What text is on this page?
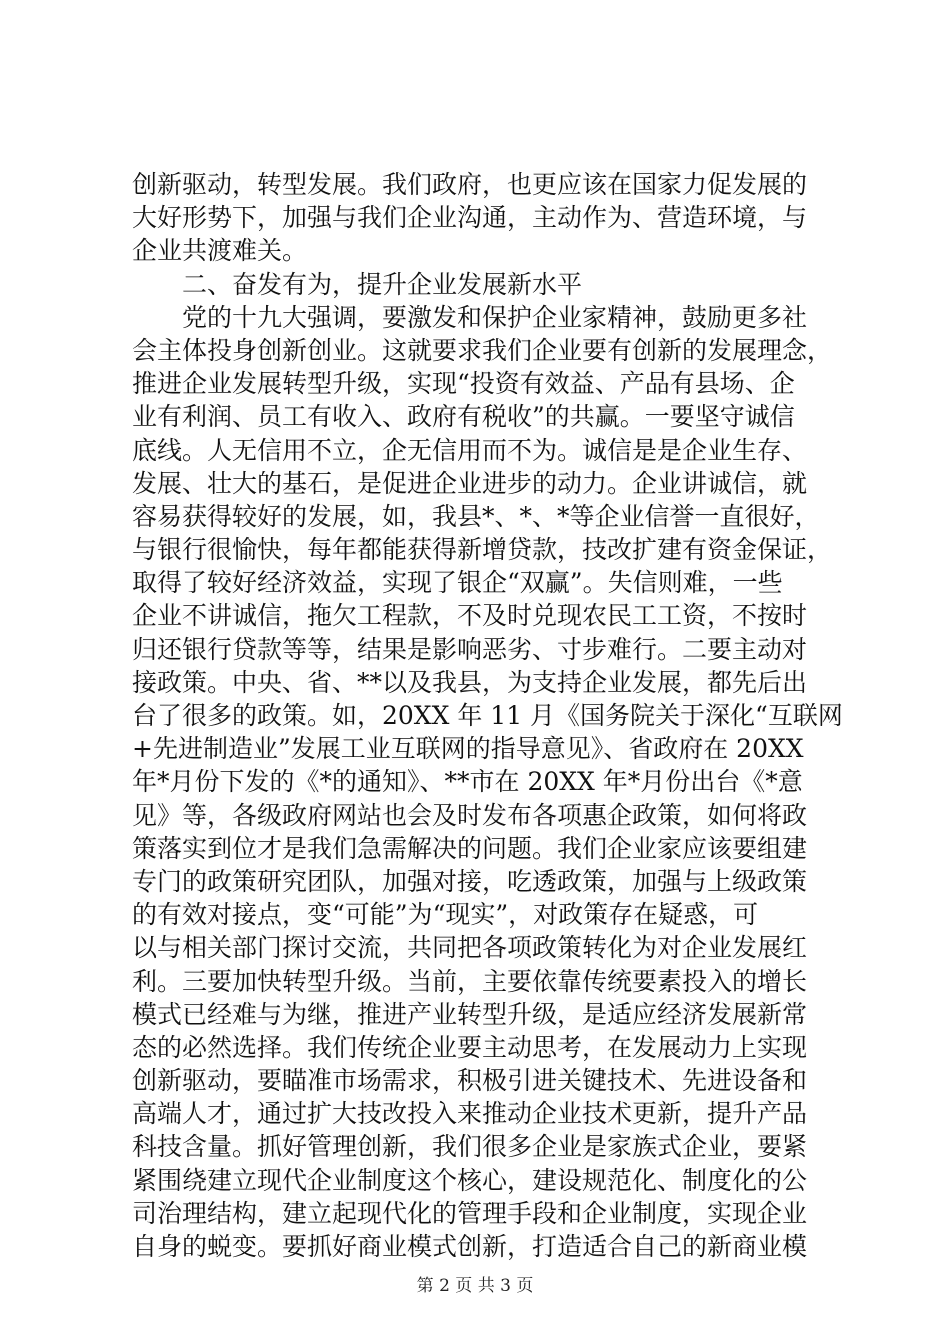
创新驱动，转型发展。我们政府，也更应该在国家力促发展的
大好形势下，加强与我们企业沟通，主动作为、营造环境，与
企业共渡难关。
　　二、奋发有为，提升企业发展新水平
　　党的十九大强调，要激发和保护企业家精神，鼓励更多社
会主体投身创新创业。这就要求我们企业要有创新的发展理念，
推进企业发展转型升级，实现“投资有效益、产品有县场、企
业有利润、员工有收入、政府有税收”的共赢。一要坚守诚信
底线。人无信用不立，企无信用而不为。诚信是是企业生存、
发展、壮大的基石，是促进企业进步的动力。企业讲诚信，就
容易获得较好的发展，如，我县*、*、*等企业信誉一直很好，
与银行很愉快，每年都能获得新增贷款，技改扩建有资金保证，
取得了较好经济效益，实现了银企“双赢”。失信则难，一些
企业不讲诚信，拖欠工程款，不及时兑现农民工工资，不按时
归还银行贷款等等，结果是影响恶劣、寸步难行。二要主动对
接政策。中央、省、**以及我县，为支持企业发展，都先后出
台了很多的政策。如，20XX 年 11 月《国务院关于深化“互联网
+先进制造业”发展工业互联网的指导意见》、省政府在 20XX
年*月份下发的《*的通知》、**市在 20XX 年*月份出台《*意
见》等，各级政府网站也会及时发布各项惠企政策，如何将政
策落实到位才是我们急需解决的问题。我们企业家应该要组建
专门的政策研究团队，加强对接，吃透政策，加强与上级政策
的有效对接点，变“可能”为“现实”，对政策存在疑惑，可
以与相关部门探讨交流，共同把各项政策转化为对企业发展红
利。三要加快转型升级。当前，主要依靠传统要素投入的增长
模式已经难与为继，推进产业转型升级，是适应经济发展新常
态的必然选择。我们传统企业要主动思考，在发展动力上实现
创新驱动，要瞄准市场需求，积极引进关键技术、先进设备和
高端人才，通过扩大技改投入来推动企业技术更新，提升产品
科技含量。抓好管理创新，我们很多企业是家族式企业，要紧
紧围绕建立现代企业制度这个核心，建设规范化、制度化的公
司治理结构，建立起现代化的管理手段和企业制度，实现企业
自身的蜕变。要抓好商业模式创新，打造适合自己的新商业模
第 2 页 共 3 页
